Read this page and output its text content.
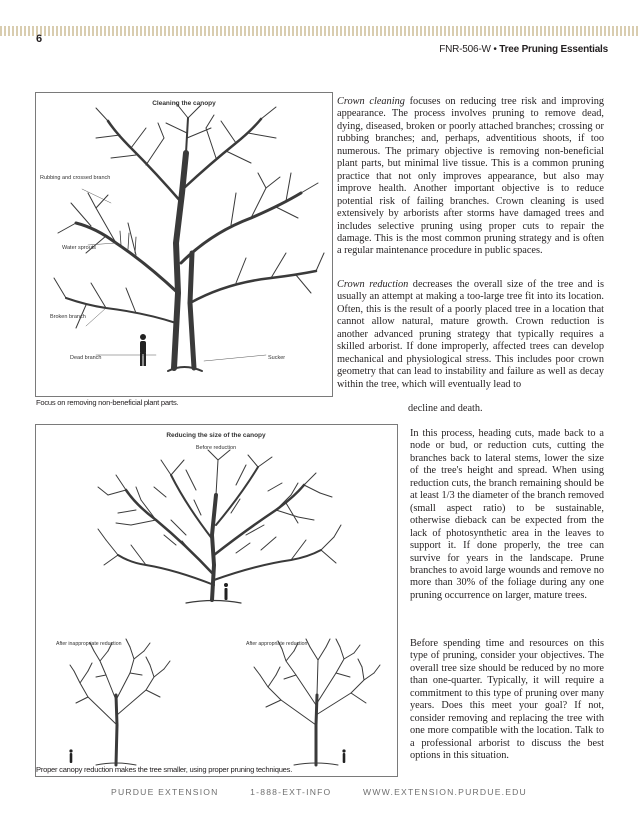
6
FNR-506-W • Tree Pruning Essentials
Cleaning the canopy
Rubbing and crossed branch
Water sprouts
Broken branch
Dead branch	Sucker
Focus on removing non-beneficial plant parts.
Reducing the size of the canopy
Before reduction
After inappropriate reduction	After appropriate reduction
Proper canopy reduction makes the tree smaller, using proper pruning techniques.
Crown cleaning focuses on reducing tree risk and improving appearance. The process involves pruning to remove dead, dying, diseased, broken or poorly attached branches; crossing or rubbing branches; and, perhaps, adventitious shoots, if too numerous. The primary objective is removing non-beneficial plant parts, but minimal live tissue. This is a common pruning practice that not only improves appearance, but also may improve health. Another important objective is to reduce potential risk of failing branches. Crown cleaning is used extensively by arborists after storms have damaged trees and includes selective pruning using proper cuts to repair the damage. This is the most common pruning strategy and is often a regular maintenance procedure in public spaces.
Crown reduction decreases the overall size of the tree and is usually an attempt at making a too-large tree fit into its location. Often, this is the result of a poorly placed tree in a location that cannot allow natural, mature growth. Crown reduction is another advanced pruning strategy that typically requires a skilled arborist. If done improperly, affected trees can develop mechanical and physiological stress. This includes poor crown geometry that can lead to instability and failure as well as decay within the tree, which will eventually lead to
decline and death.
In this process, heading cuts, made back to a node or bud, or reduction cuts, cutting the branches back to lateral stems, lower the size of the tree's height and spread. When using reduction cuts, the branch remaining should be at least 1/3 the diameter of the branch removed (small aspect ratio) to be sustainable, otherwise dieback can be expected from the lack of photosynthetic area in the leaves to support it. If done properly, the tree can survive for years in the landscape. Prune branches to avoid large wounds and remove no more than 30% of the foliage during any one pruning occurrence on larger, mature trees.
Before spending time and resources on this type of pruning, consider your objectives. The overall tree size should be reduced by no more than one-quarter. Typically, it will require a commitment to this type of pruning over many years. Does this meet your goal? If not, consider removing and replacing the tree with one more compatible with the location. Talk to a professional arborist to discuss the best options in this situation.
PURDUE EXTENSION	1-888-EXT-INFO	WWW.EXTENSION.PURDUE.EDU
